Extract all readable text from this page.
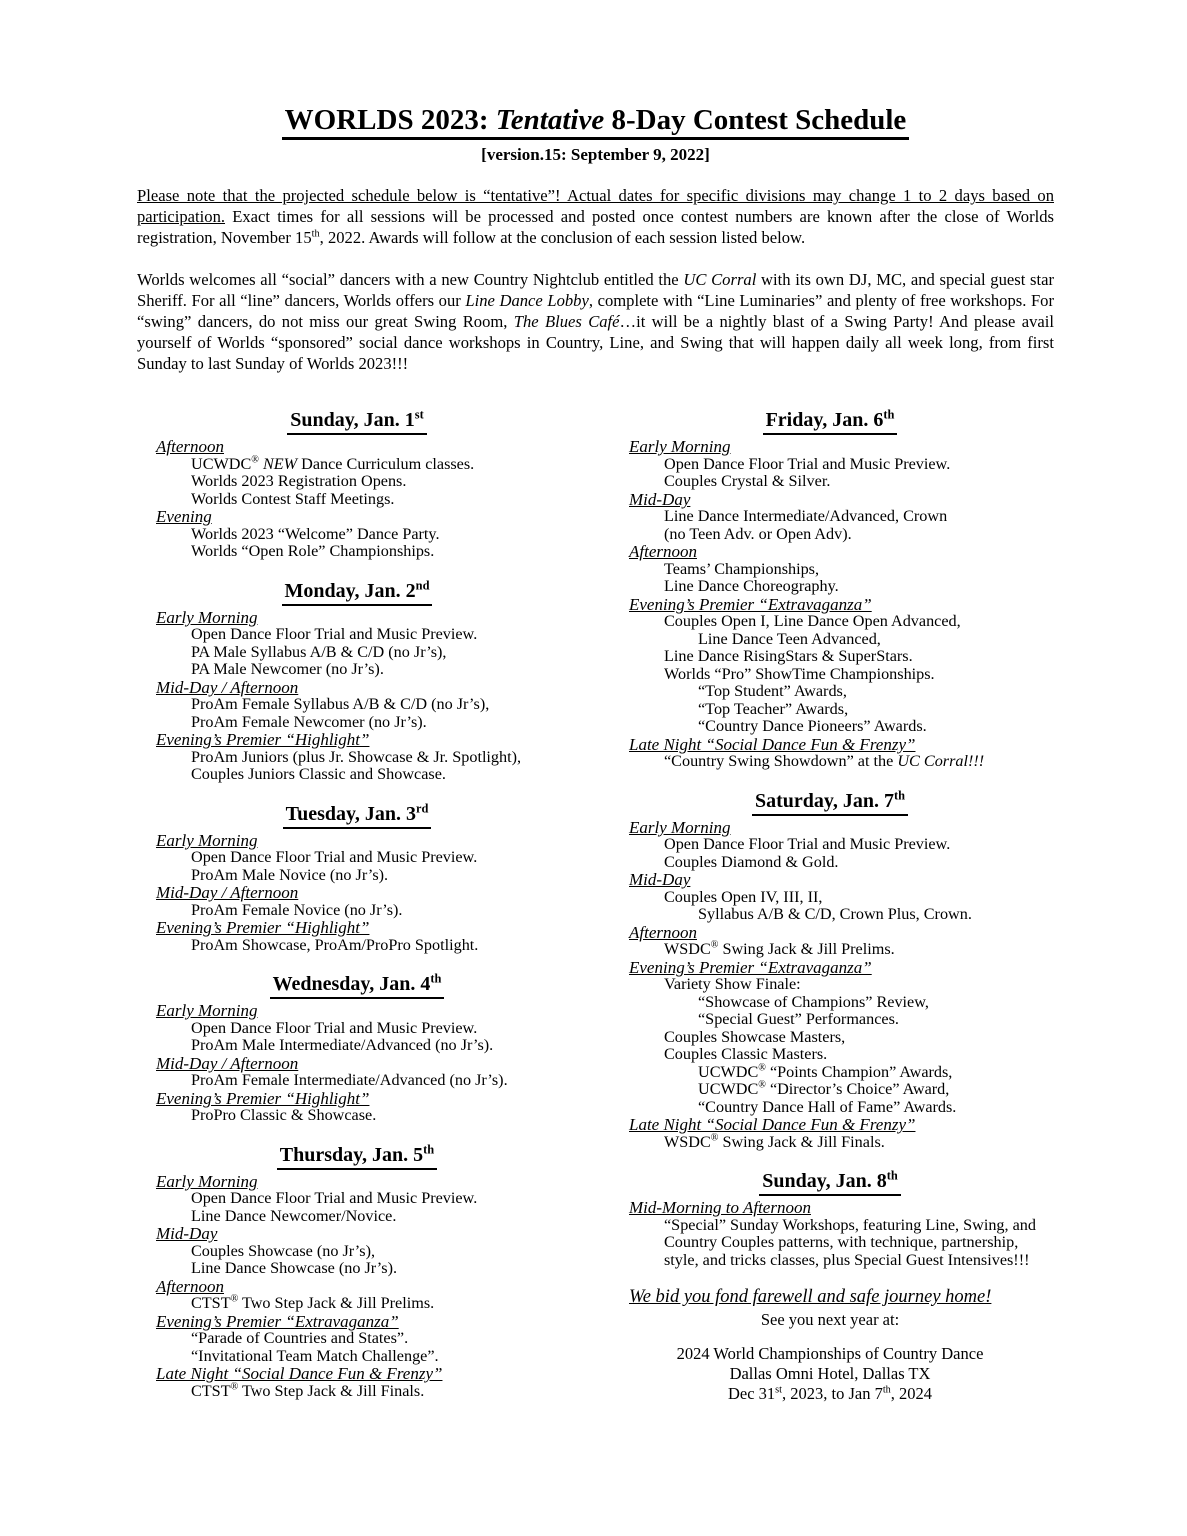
WORLDS 2023: Tentative 8-Day Contest Schedule
[version.15: September 9, 2022]

Please note that the projected schedule below is “tentative”! Actual dates for specific divisions may change 1 to 2 days based on participation. Exact times for all sessions will be processed and posted once contest numbers are known after the close of Worlds registration, November 15th, 2022. Awards will follow at the conclusion of each session listed below.

Worlds welcomes all “social” dancers with a new Country Nightclub entitled the UC Corral with its own DJ, MC, and special guest star Sheriff. For all “line” dancers, Worlds offers our Line Dance Lobby, complete with “Line Luminaries” and plenty of free workshops. For “swing” dancers, do not miss our great Swing Room, The Blues Café…it will be a nightly blast of a Swing Party! And please avail yourself of Worlds “sponsored” social dance workshops in Country, Line, and Swing that will happen daily all week long, from first Sunday to last Sunday of Worlds 2023!!!

Sunday, Jan. 1st
Afternoon
UCWDC® NEW Dance Curriculum classes.
Worlds 2023 Registration Opens.
Worlds Contest Staff Meetings.
Evening
Worlds 2023 “Welcome” Dance Party.
Worlds “Open Role” Championships.
Monday, Jan. 2nd
Early Morning
Open Dance Floor Trial and Music Preview.
PA Male Syllabus A/B & C/D (no Jr’s),
PA Male Newcomer (no Jr’s).
Mid-Day / Afternoon
ProAm Female Syllabus A/B & C/D (no Jr’s),
ProAm Female Newcomer (no Jr’s).
Evening’s Premier “Highlight”
ProAm Juniors (plus Jr. Showcase & Jr. Spotlight),
Couples Juniors Classic and Showcase.
Tuesday, Jan. 3rd
Early Morning
Open Dance Floor Trial and Music Preview.
ProAm Male Novice (no Jr’s).
Mid-Day / Afternoon
ProAm Female Novice (no Jr’s).
Evening’s Premier “Highlight”
ProAm Showcase, ProAm/ProPro Spotlight.
Wednesday, Jan. 4th
Early Morning
Open Dance Floor Trial and Music Preview.
ProAm Male Intermediate/Advanced (no Jr’s).
Mid-Day / Afternoon
ProAm Female Intermediate/Advanced (no Jr’s).
Evening’s Premier “Highlight”
ProPro Classic & Showcase.
Thursday, Jan. 5th
Early Morning
Open Dance Floor Trial and Music Preview.
Line Dance Newcomer/Novice.
Mid-Day
Couples Showcase (no Jr’s),
Line Dance Showcase (no Jr’s).
Afternoon
CTST® Two Step Jack & Jill Prelims.
Evening’s Premier “Extravaganza”
“Parade of Countries and States”.
“Invitational Team Match Challenge”.
Late Night “Social Dance Fun & Frenzy”
CTST® Two Step Jack & Jill Finals.
Friday, Jan. 6th
Early Morning
Open Dance Floor Trial and Music Preview.
Couples Crystal & Silver.
Mid-Day
Line Dance Intermediate/Advanced, Crown
(no Teen Adv. or Open Adv).
Afternoon
Teams’ Championships,
Line Dance Choreography.
Evening’s Premier “Extravaganza”
Couples Open I, Line Dance Open Advanced,
Line Dance Teen Advanced,
Line Dance RisingStars & SuperStars.
Worlds “Pro” ShowTime Championships.
“Top Student” Awards,
“Top Teacher” Awards,
“Country Dance Pioneers” Awards.
Late Night “Social Dance Fun & Frenzy”
“Country Swing Showdown” at the UC Corral!!!
Saturday, Jan. 7th
Early Morning
Open Dance Floor Trial and Music Preview.
Couples Diamond & Gold.
Mid-Day
Couples Open IV, III, II,
Syllabus A/B & C/D, Crown Plus, Crown.
Afternoon
WSDC® Swing Jack & Jill Prelims.
Evening’s Premier “Extravaganza”
Variety Show Finale:
“Showcase of Champions” Review,
“Special Guest” Performances.
Couples Showcase Masters,
Couples Classic Masters.
UCWDC® “Points Champion” Awards,
UCWDC® “Director’s Choice” Award,
“Country Dance Hall of Fame” Awards.
Late Night “Social Dance Fun & Frenzy”
WSDC® Swing Jack & Jill Finals.
Sunday, Jan. 8th
Mid-Morning to Afternoon
“Special” Sunday Workshops, featuring Line, Swing, and
Country Couples patterns, with technique, partnership,
style, and tricks classes, plus Special Guest Intensives!!!
We bid you fond farewell and safe journey home!
See you next year at:
2024 World Championships of Country Dance
Dallas Omni Hotel, Dallas TX
Dec 31st, 2023, to Jan 7th, 2024
